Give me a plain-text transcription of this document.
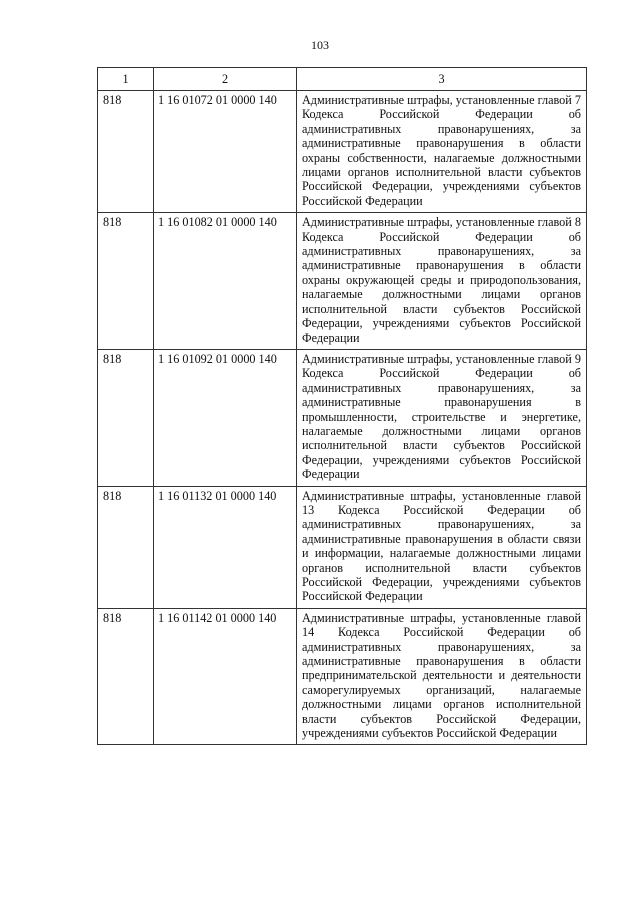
103
1	2	3
818	1 16 01072 01 0000 140	Административные штрафы, установленные главой 7 Кодекса Российской Федерации об административных правонарушениях, за административные правонарушения в области охраны собственности, налагаемые должностными лицами органов исполнительной власти субъектов Российской Федерации, учреждениями субъектов Российской Федерации
818	1 16 01082 01 0000 140	Административные штрафы, установленные главой 8 Кодекса Российской Федерации об административных правонарушениях, за административные правонарушения в области охраны окружающей среды и природопользования, налагаемые должностными лицами органов исполнительной власти субъектов Российской Федерации, учреждениями субъектов Российской Федерации
818	1 16 01092 01 0000 140	Административные штрафы, установленные главой 9 Кодекса Российской Федерации об административных правонарушениях, за административные правонарушения в промышленности, строительстве и энергетике, налагаемые должностными лицами органов исполнительной власти субъектов Российской Федерации, учреждениями субъектов Российской Федерации
818	1 16 01132 01 0000 140	Административные штрафы, установленные главой 13 Кодекса Российской Федерации об административных правонарушениях, за административные правонарушения в области связи и информации, налагаемые должностными лицами органов исполнительной власти субъектов Российской Федерации, учреждениями субъектов Российской Федерации
818	1 16 01142 01 0000 140	Административные штрафы, установленные главой 14 Кодекса Российской Федерации об административных правонарушениях, за административные правонарушения в области предпринимательской деятельности и деятельности саморегулируемых организаций, налагаемые должностными лицами органов исполнительной власти субъектов Российской Федерации, учреждениями субъектов Российской Федерации
